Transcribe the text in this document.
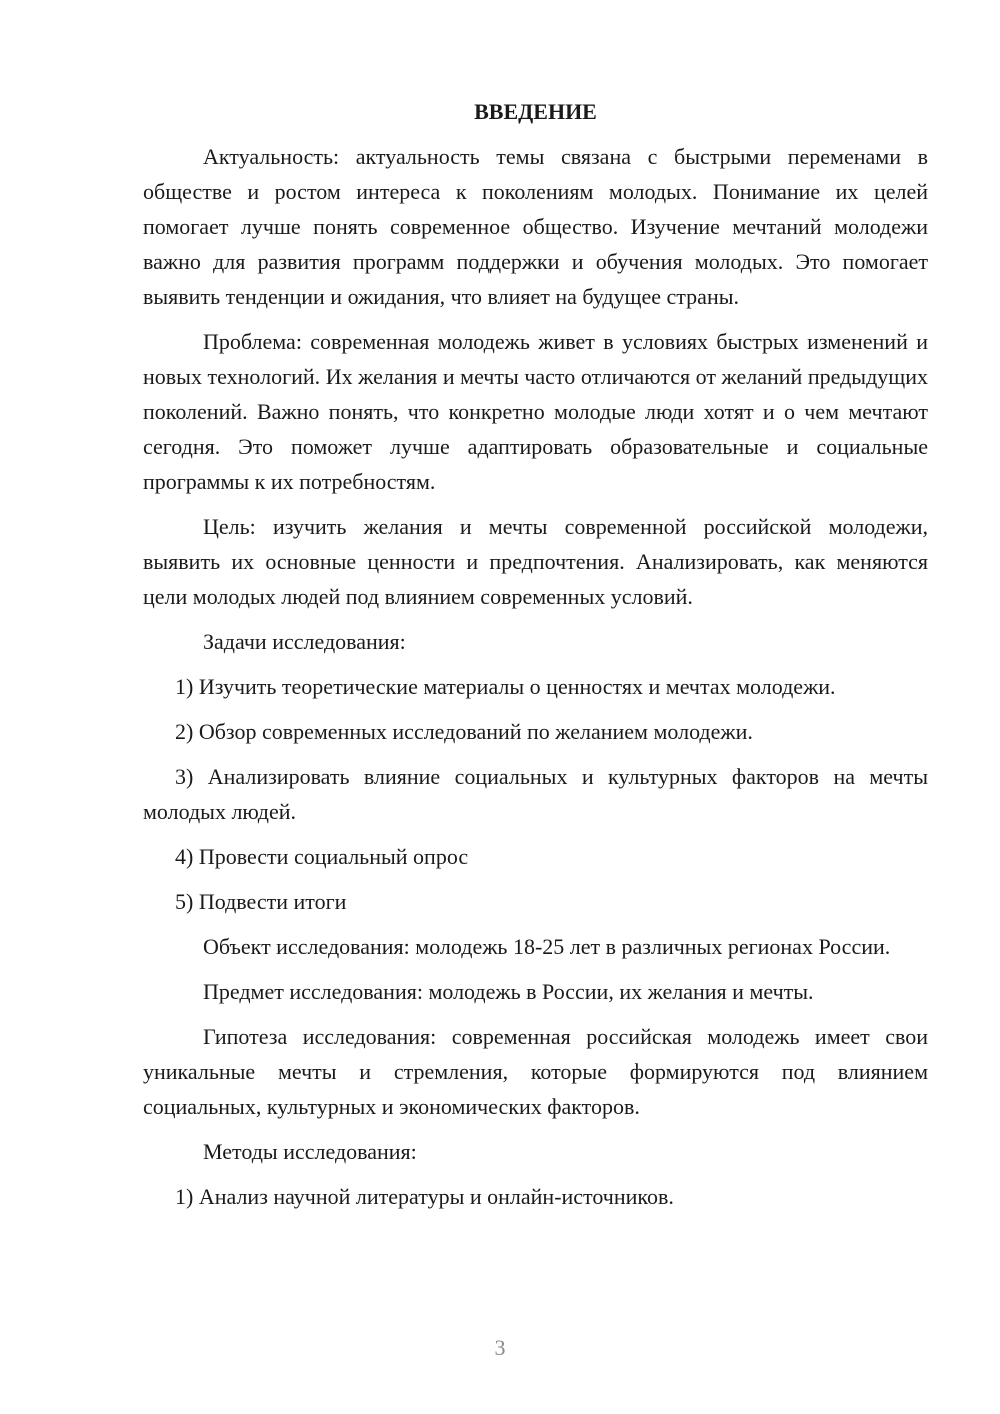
ВВЕДЕНИЕ

Актуальность: актуальность темы связана с быстрыми переменами в обществе и ростом интереса к поколениям молодых. Понимание их целей помогает лучше понять современное общество. Изучение мечтаний молодежи важно для развития программ поддержки и обучения молодых. Это помогает выявить тенденции и ожидания, что влияет на будущее страны.

Проблема: современная молодежь живет в условиях быстрых изменений и новых технологий. Их желания и мечты часто отличаются от желаний предыдущих поколений. Важно понять, что конкретно молодые люди хотят и о чем мечтают сегодня. Это поможет лучше адаптировать образовательные и социальные программы к их потребностям.

Цель: изучить желания и мечты современной российской молодежи, выявить их основные ценности и предпочтения. Анализировать, как меняются цели молодых людей под влиянием современных условий.

Задачи исследования:

1) Изучить теоретические материалы о ценностях и мечтах молодежи.

2) Обзор современных исследований по желанием молодежи.

3) Анализировать влияние социальных и культурных факторов на мечты молодых людей.

4) Провести социальный опрос

5) Подвести итоги

Объект исследования: молодежь 18-25 лет в различных регионах России.

Предмет исследования: молодежь в России, их желания и мечты.

Гипотеза исследования: современная российская молодежь имеет свои уникальные мечты и стремления, которые формируются под влиянием социальных, культурных и экономических факторов.

Методы исследования:

1) Анализ научной литературы и онлайн-источников.

3
